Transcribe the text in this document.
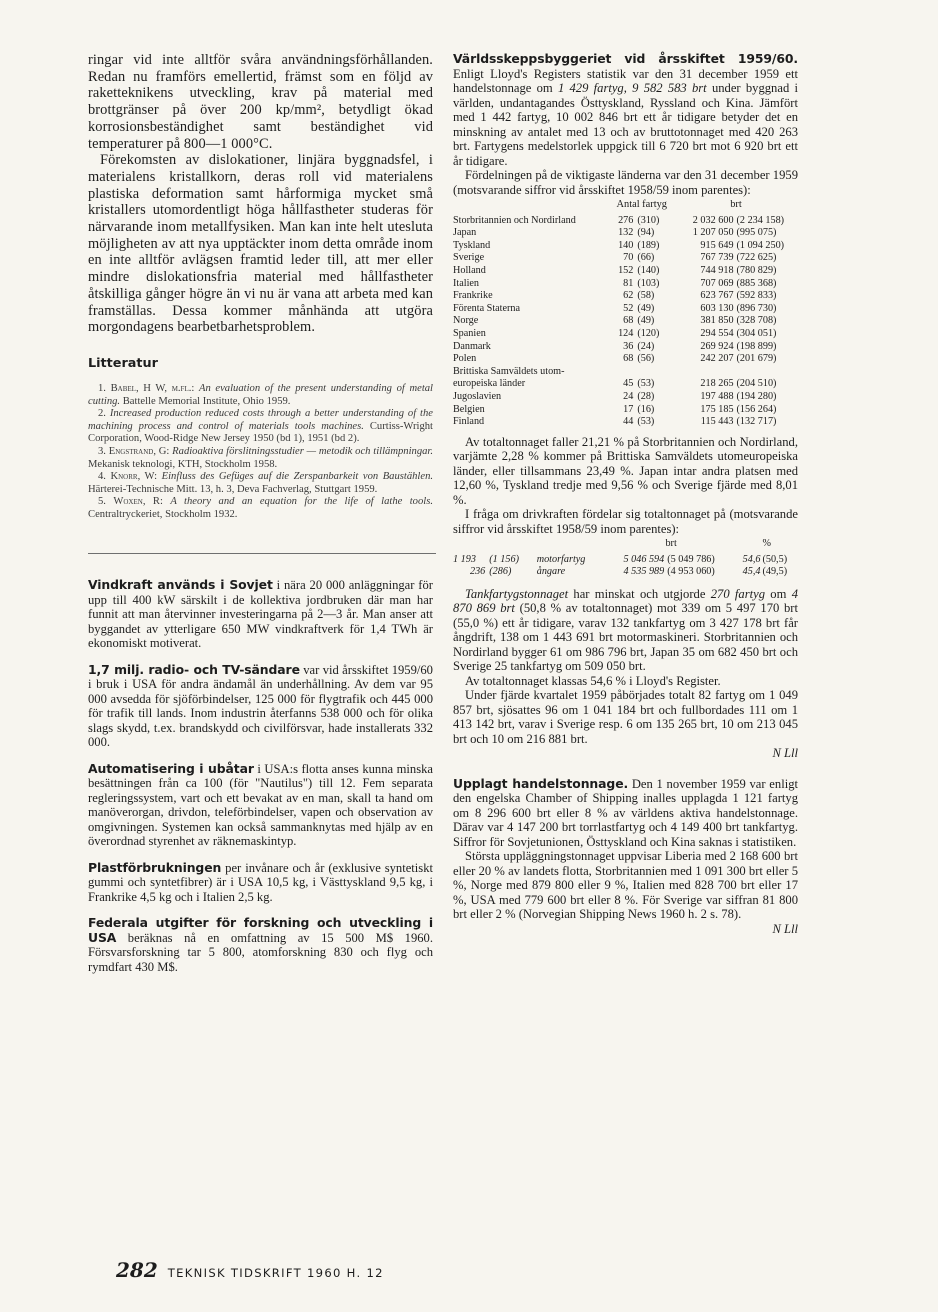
ringar vid inte alltför svåra användningsförhållanden. Redan nu framförs emellertid, främst som en följd av raketteknikens utveckling, krav på material med brottgränser på över 200 kp/mm², betydligt ökad korrosionsbeständighet samt beständighet vid temperaturer på 800—1 000°C.

Förekomsten av dislokationer, linjära byggnadsfel, i materialens kristallkorn, deras roll vid materialens plastiska deformation samt hårformiga mycket små kristallers utomordentligt höga hållfastheter studeras för närvarande inom metallfysiken. Man kan inte helt utesluta möjligheten av att nya upptäckter inom detta område inom en inte alltför avlägsen framtid leder till, att mer eller mindre dislokationsfria material med hållfastheter åtskilliga gånger högre än vi nu är vana att arbeta med kan framställas. Dessa kommer månhända att utgöra morgondagens bearbetbarhetsproblem.

Litteratur

1. Babel, H W, m.fl.: An evaluation of the present understanding of metal cutting. Battelle Memorial Institute, Ohio 1959.

2. Increased production reduced costs through a better understanding of the machining process and control of materials tools machines. Curtiss-Wright Corporation, Wood-Ridge New Jersey 1950 (bd 1), 1951 (bd 2).

3. Engstrand, G: Radioaktiva förslitningsstudier — metodik och tillämpningar. Mekanisk teknologi, KTH, Stockholm 1958.

4. Knorr, W: Einfluss des Gefüges auf die Zerspanbarkeit von Baustählen. Härterei-Technische Mitt. 13, h. 3, Deva Fachverlag, Stuttgart 1959.

5. Woxen, R: A theory and an equation for the life of lathe tools. Centraltryckeriet, Stockholm 1932.

Vindkraft används i Sovjet i nära 20 000 anläggningar för upp till 400 kW särskilt i de kollektiva jordbruken där man har funnit att man återvinner investeringarna på 2—3 år. Man anser att byggandet av ytterligare 650 MW vindkraftverk för 1,4 TWh är ekonomiskt motiverat.

1,7 milj. radio- och TV-sändare var vid årsskiftet 1959/60 i bruk i USA för andra ändamål än underhållning. Av dem var 95 000 avsedda för sjöförbindelser, 125 000 för flygtrafik och 445 000 för trafik till lands. Inom industrin återfanns 538 000 och för olika slags skydd, t.ex. brandskydd och civilförsvar, hade installerats 332 000.

Automatisering i ubåtar i USA:s flotta anses kunna minska besättningen från ca 100 (för "Nautilus") till 12. Fem separata regleringssystem, vart och ett bevakat av en man, skall ta hand om manöverorgan, drivdon, teleförbindelser, vapen och observation av omgivningen. Systemen kan också sammanknytas med hjälp av en överordnad styrenhet av räknemaskintyp.

Plastförbrukningen per invånare och år (exklusive syntetiskt gummi och syntetfibrer) är i USA 10,5 kg, i Västtyskland 9,5 kg, i Frankrike 4,5 kg och i Italien 2,5 kg.

Federala utgifter för forskning och utveckling i USA beräknas nå en omfattning av 15 500 M$ 1960. Försvarsforskning tar 5 800, atomforskning 830 och flyg och rymdfart 430 M$.

Världsskeppsbyggeriet vid årsskiftet 1959/60. Enligt Lloyd's Registers statistik var den 31 december 1959 ett handelstonnage om 1 429 fartyg, 9 582 583 brt under byggnad i världen, undantagandes Östtyskland, Ryssland och Kina. Jämfört med 1 442 fartyg, 10 002 846 brt ett år tidigare betyder det en minskning av antalet med 13 och av bruttotonnaget med 420 263 brt. Fartygens medelstorlek uppgick till 6 720 brt mot 6 920 brt ett år tidigare.

Fördelningen på de viktigaste länderna var den 31 december 1959 (motsvarande siffror vid årsskiftet 1958/59 inom parentes):

	Antal fartyg		brt	
Storbritannien och Nordirland	276	(310)	2 032 600	(2 234 158)
Japan	132	(94)	1 207 050	(995 075)
Tyskland	140	(189)	915 649	(1 094 250)
Sverige	70	(66)	767 739	(722 625)
Holland	152	(140)	744 918	(780 829)
Italien	81	(103)	707 069	(885 368)
Frankrike	62	(58)	623 767	(592 833)
Förenta Staterna	52	(49)	603 130	(896 730)
Norge	68	(49)	381 850	(328 708)
Spanien	124	(120)	294 554	(304 051)
Danmark	36	(24)	269 924	(198 899)
Polen	68	(56)	242 207	(201 679)
Brittiska Samväldets utom-				
europeiska länder	45	(53)	218 265	(204 510)
Jugoslavien	24	(28)	197 488	(194 280)
Belgien	17	(16)	175 185	(156 264)
Finland	44	(53)	115 443	(132 717)

Av totaltonnaget faller 21,21 % på Storbritannien och Nordirland, varjämte 2,28 % kommer på Brittiska Samväldets utomeuropeiska länder, eller tillsammans 23,49 %. Japan intar andra platsen med 12,60 %, Tyskland tredje med 9,56 % och Sverige fjärde med 8,01 %.

I fråga om drivkraften fördelar sig totaltonnaget på (motsvarande siffror vid årsskiftet 1958/59 inom parentes):

			brt		%	
1 193	(1 156)	motorfartyg	5 046 594	(5 049 786)	54,6	(50,5)
236	(286)	ångare	4 535 989	(4 953 060)	45,4	(49,5)

Tankfartygstonnaget har minskat och utgjorde 270 fartyg om 4 870 869 brt (50,8 % av totaltonnaget) mot 339 om 5 497 170 brt (55,0 %) ett år tidigare, varav 132 tankfartyg om 3 427 178 brt får ångdrift, 138 om 1 443 691 brt motormaskineri. Storbritannien och Nordirland bygger 61 om 986 796 brt, Japan 35 om 682 450 brt och Sverige 25 tankfartyg om 509 050 brt.

Av totaltonnaget klassas 54,6 % i Lloyd's Register.

Under fjärde kvartalet 1959 påbörjades totalt 82 fartyg om 1 049 857 brt, sjösattes 96 om 1 041 184 brt och fullbordades 111 om 1 413 142 brt, varav i Sverige resp. 6 om 135 265 brt, 10 om 213 045 brt och 10 om 216 881 brt.
N Lll

Upplagt handelstonnage. Den 1 november 1959 var enligt den engelska Chamber of Shipping inalles upplagda 1 121 fartyg om 8 296 600 brt eller 8 % av världens aktiva handelstonnage. Därav var 4 147 200 brt torrlastfartyg och 4 149 400 brt tankfartyg. Siffror för Sovjetunionen, Östtyskland och Kina saknas i statistiken.

Största uppläggningstonnaget uppvisar Liberia med 2 168 600 brt eller 20 % av landets flotta, Storbritannien med 1 091 300 brt eller 5 %, Norge med 879 800 eller 9 %, Italien med 828 700 brt eller 17 %, USA med 779 600 brt eller 8 %. För Sverige var siffran 81 800 brt eller 2 % (Norvegian Shipping News 1960 h. 2 s. 78).
N Lll

282 TEKNISK TIDSKRIFT 1960 H. 12
